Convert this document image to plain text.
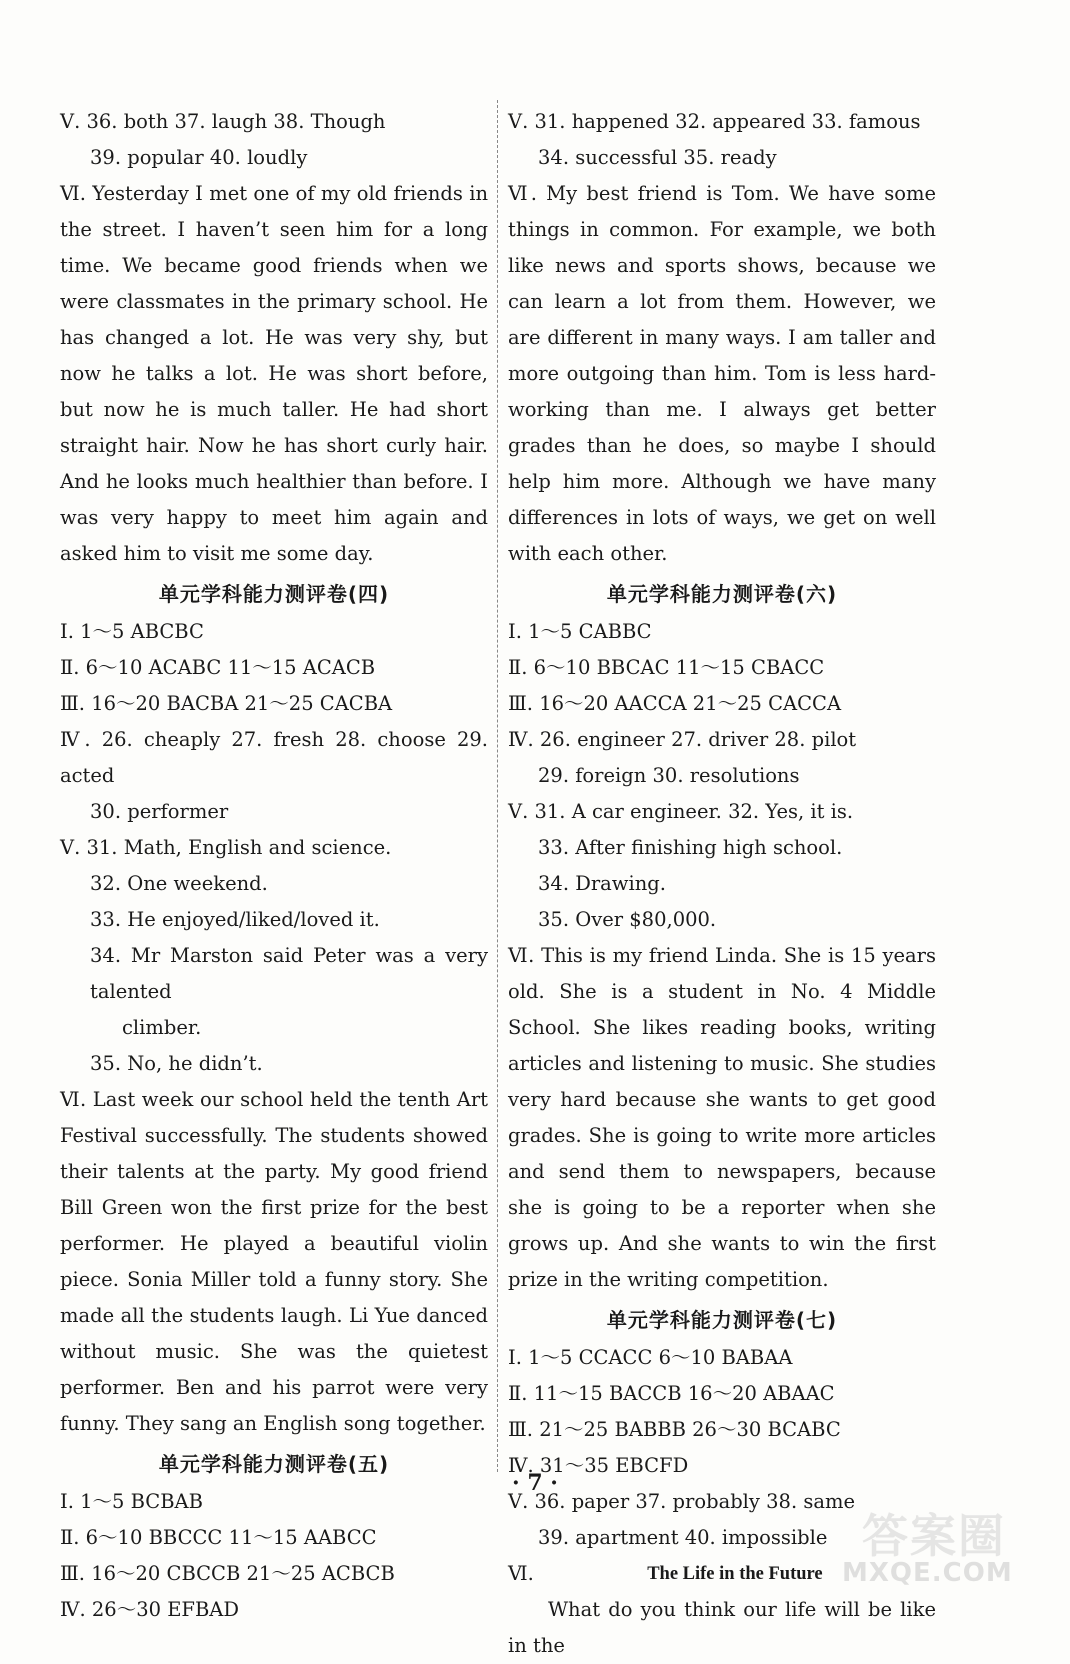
Ⅴ. 36. both 37. laugh 38. Though

39. popular 40. loudly

Ⅵ. Yesterday I met one of my old friends in the street. I haven’t seen him for a long time. We became good friends when we were classmates in the primary school. He has changed a lot. He was very shy, but now he talks a lot. He was short before, but now he is much taller. He had short straight hair. Now he has short curly hair. And he looks much healthier than before. I was very happy to meet him again and asked him to visit me some day.

单元学科能力测评卷(四)

Ⅰ. 1～5 ABCBC

Ⅱ. 6～10 ACABC 11～15 ACACB

Ⅲ. 16～20 BACBA 21～25 CACBA

Ⅳ. 26. cheaply 27. fresh 28. choose 29. acted

30. performer

Ⅴ. 31. Math, English and science.

32. One weekend.

33. He enjoyed/liked/loved it.

34. Mr Marston said Peter was a very talented

climber.

35. No, he didn’t.

Ⅵ. Last week our school held the tenth Art Festival successfully. The students showed their talents at the party. My good friend Bill Green won the first prize for the best performer. He played a beautiful violin piece. Sonia Miller told a funny story. She made all the students laugh. Li Yue danced without music. She was the quietest performer. Ben and his parrot were very funny. They sang an English song together.

单元学科能力测评卷(五)

Ⅰ. 1～5 BCBAB

Ⅱ. 6～10 BBCCC 11～15 AABCC

Ⅲ. 16～20 CBCCB 21～25 ACBCB

Ⅳ. 26～30 EFBAD

Ⅴ. 31. happened 32. appeared 33. famous

34. successful 35. ready

Ⅵ. My best friend is Tom. We have some things in common. For example, we both like news and sports shows, because we can learn a lot from them. However, we are different in many ways. I am taller and more outgoing than him. Tom is less hard-working than me. I always get better grades than he does, so maybe I should help him more. Although we have many differences in lots of ways, we get on well with each other.

单元学科能力测评卷(六)

Ⅰ. 1～5 CABBC

Ⅱ. 6～10 BBCAC 11～15 CBACC

Ⅲ. 16～20 AACCA 21～25 CACCA

Ⅳ. 26. engineer 27. driver 28. pilot

29. foreign 30. resolutions

Ⅴ. 31. A car engineer. 32. Yes, it is.

33. After finishing high school.

34. Drawing.

35. Over $80,000.

Ⅵ. This is my friend Linda. She is 15 years old. She is a student in No. 4 Middle School. She likes reading books, writing articles and listening to music. She studies very hard because she wants to get good grades. She is going to write more articles and send them to newspapers, because she is going to be a reporter when she grows up. And she wants to win the first prize in the writing competition.

单元学科能力测评卷(七)

Ⅰ. 1～5 CCACC 6～10 BABAA

Ⅱ. 11～15 BACCB 16～20 ABAAC

Ⅲ. 21～25 BABBB 26～30 BCABC

Ⅳ. 31～35 EBCFD

Ⅴ. 36. paper 37. probably 38. same

39. apartment 40. impossible

Ⅵ.	The Life in the Future

What do you think our life will be like in the

· 7 ·
答案圈
MXQE.COM
